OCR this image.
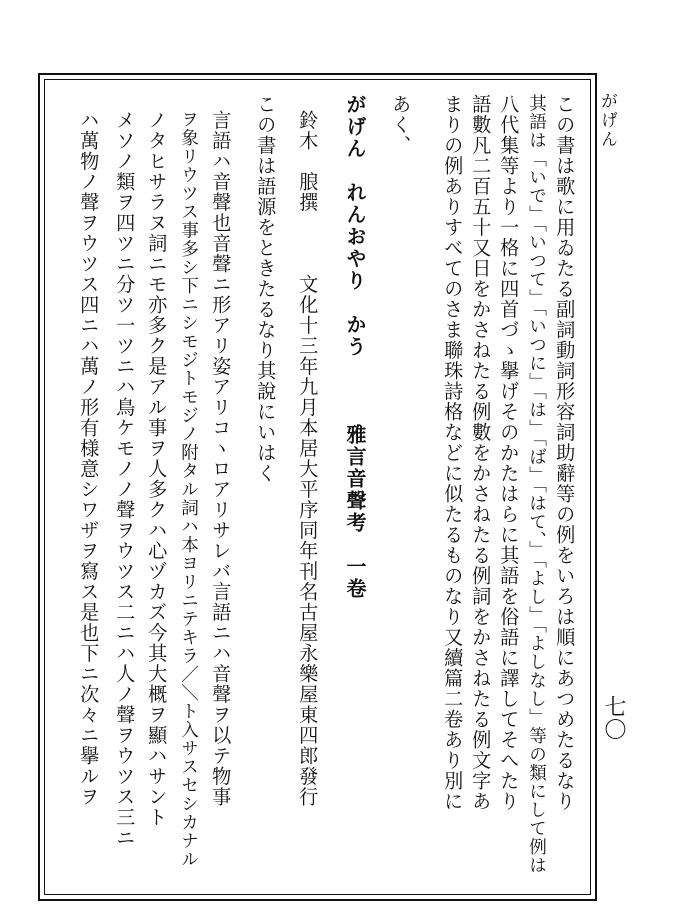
がげん
七〇
この書は歌に用ゐたる副詞動詞形容詞助辭等の例をいろは順にあつめたるなり
其語は「いで」「いつて」「いつに」「は」「ば」「はて、」「よし」「よしなし」等の類にして例は
八代集等より一格に四首づゝ擧げそのかたはらに其語を俗語に譯してそへたり
語數凡二百五十又日をかさねたる例數をかさねたる例詞をかさねたる例文字あ
まりの例ありすべてのさま聯珠詩格などに似たるものなり又續篇二卷あり別に
あく、
がげん　れんおやり　かう　　　雅言音聲考　一卷
鈴木　朖撰　　　文化十三年九月本居大平序同年刊名古屋永樂屋東四郎發行
この書は語源をときたるなり其說にいはく
言語ハ音聲也音聲ニ形アリ姿アリコヽロアリサレバ言語ニハ音聲ヲ以テ物事
ヲ象リウツス事多シ下ニシモジトモジノ附タル詞ハ本ヨリニテキラ／＼ト入サスセシカナル
ノタヒサラヌ詞ニモ亦多ク是アル事ヲ人多クハ心ヅカズ今其大概ヲ顯ハサント
メソノ類ヲ四ツニ分ツ一ツニハ鳥ケモノノ聲ヲウツス二ニハ人ノ聲ヲウツス三ニ
ハ萬物ノ聲ヲウツス四ニハ萬ノ形有様意シワザヲ寫ス是也下ニ次々ニ擧ルヲ
